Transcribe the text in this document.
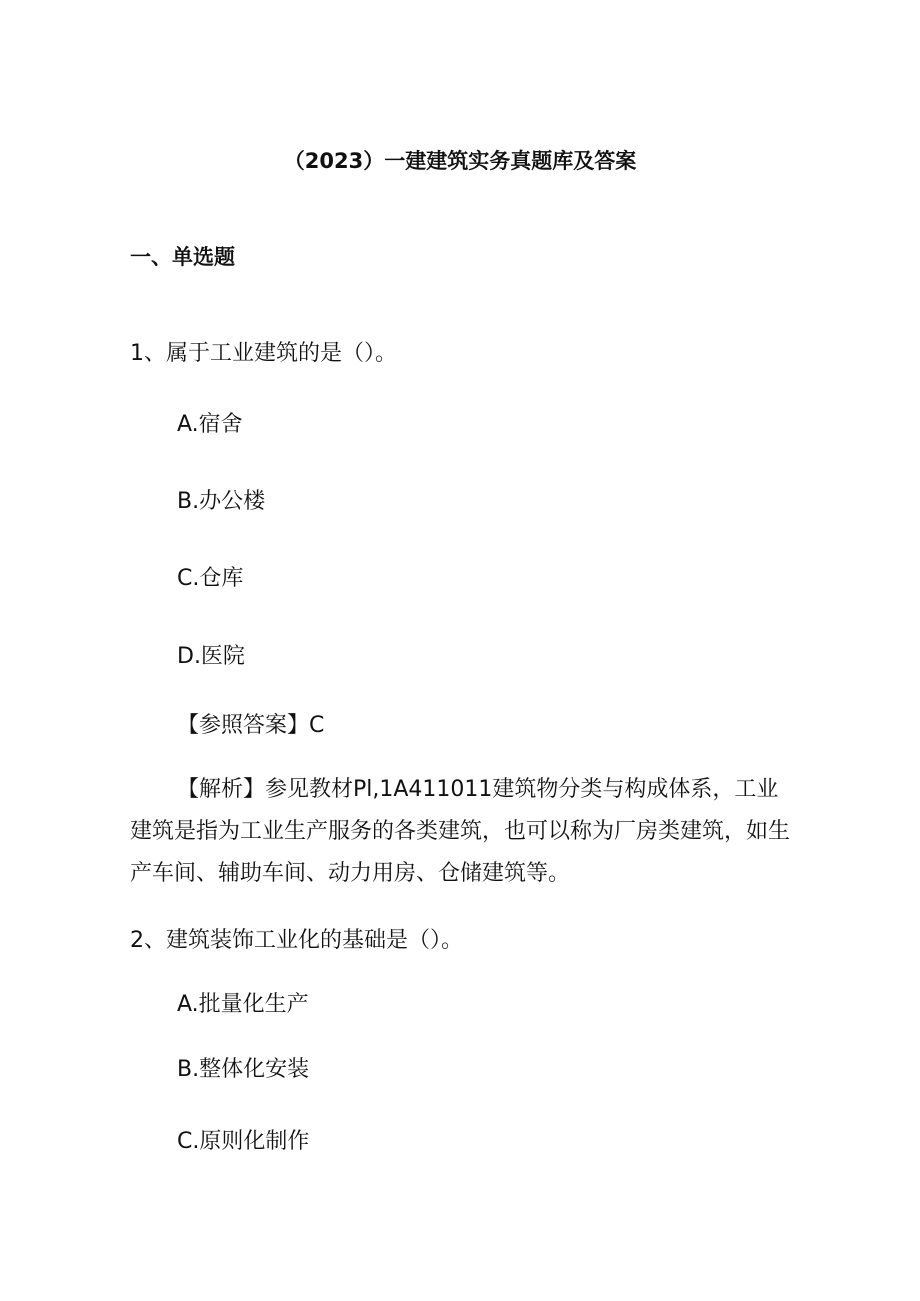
（2023）一建建筑实务真题库及答案
一、单选题
1、属于工业建筑的是（）。
A.宿舍
B.办公楼
C.仓库
D.医院
【参照答案】C
【解析】参见教材Pl,1A411011建筑物分类与构成体系，工业建筑是指为工业生产服务的各类建筑，也可以称为厂房类建筑，如生产车间、辅助车间、动力用房、仓储建筑等。
2、建筑装饰工业化的基础是（）。
A.批量化生产
B.整体化安装
C.原则化制作
